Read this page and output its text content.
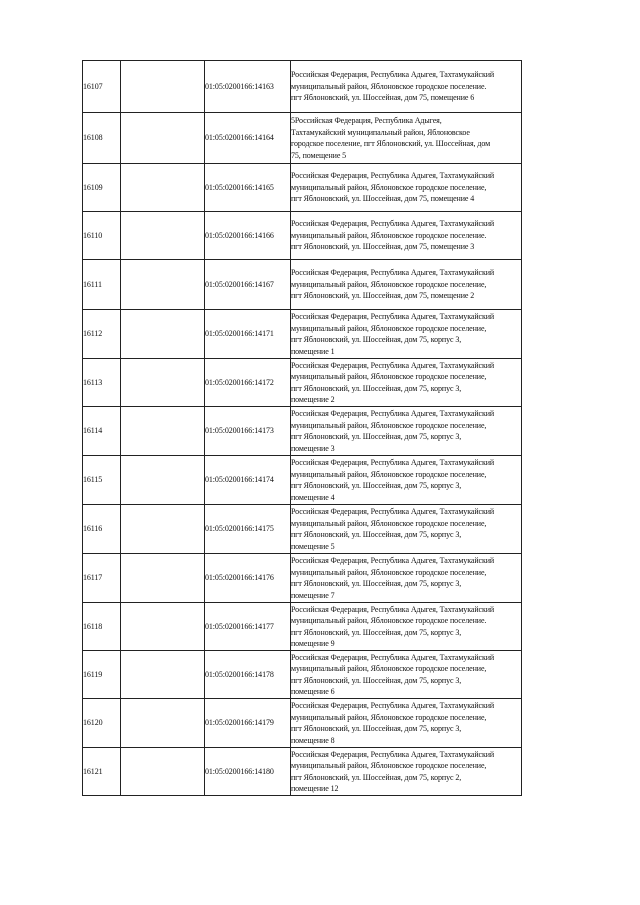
16107		01:05:0200166:14163	Российская Федерация, Республика Адыгея, Тахтамукайский
муниципальный район, Яблоновское городское поселение.
пгт Яблоновский, ул. Шоссейная, дом 75, помещение 6
16108		01:05:0200166:14164	5Российская Федерация, Республика Адыгея,
Тахтамукайский муниципальный район, Яблоновское
городское поселение, пгт Яблоновский, ул. Шоссейная, дом
75, помещение 5
16109		01:05:0200166:14165	Российская Федерация, Республика Адыгея, Тахтамукайский
муниципальный район, Яблоновское городское поселение,
пгт Яблоновский, ул. Шоссейная, дом 75, помещение 4
16110		01:05:0200166:14166	Российская Федерация, Республика Адыгея, Тахтамукайский
муниципальный район, Яблоновское городское поселение.
пгт Яблоновский, ул. Шоссейная, дом 75, помещение 3
16111		01:05:0200166:14167	Российская Федерация, Республика Адыгея, Тахтамукайский
муниципальный район, Яблоновское городское поселение,
пгт Яблоновский, ул. Шоссейная, дом 75, помещение 2
16112		01:05:0200166:14171	Российская Федерация, Республика Адыгея, Тахтамукайский
муниципальный район, Яблоновское городское поселение,
пгт Яблоновский, ул. Шоссейная, дом 75, корпус 3,
помещение 1
16113		01:05:0200166:14172	Российская Федерация, Республика Адыгея, Тахтамукайский
муниципальный район, Яблоновское городское поселение,
пгт Яблоновский, ул. Шоссейная, дом 75, корпус 3,
помещение 2
16114		01:05:0200166:14173	Российская Федерация, Республика Адыгея, Тахтамукайский
муниципальный район, Яблоновское городское поселение,
пгт Яблоновский, ул. Шоссейная, дом 75, корпус 3,
помещение 3
16115		01:05:0200166:14174	Российская Федерация, Республика Адыгея, Тахтамукайский
муниципальный район, Яблоновское городское поселение,
пгт Яблоновский, ул. Шоссейная, дом 75, корпус 3,
помещение 4
16116		01:05:0200166:14175	Российская Федерация, Республика Адыгея, Тахтамукайский
муниципальный район, Яблоновское городское поселение,
пгт Яблоновский, ул. Шоссейная, дом 75, корпус 3,
помещение 5
16117		01:05:0200166:14176	Российская Федерация, Республика Адыгея, Тахтамукайский
муниципальный район, Яблоновское городское поселение,
пгт Яблоновский, ул. Шоссейная, дом 75, корпус 3,
помещение 7
16118		01:05:0200166:14177	Российская Федерация, Республика Адыгея, Тахтамукайский
муниципальный район, Яблоновское городское поселение.
пгт Яблоновский, ул. Шоссейная, дом 75, корпус 3,
помещение 9
16119		01:05:0200166:14178	Российская Федерация, Республика Адыгея, Тахтамукайский
муниципальный район, Яблоновское городское поселение,
пгт Яблоновский, ул. Шоссейная, дом 75, корпус 3,
помещение 6
16120		01:05:0200166:14179	Российская Федерация, Республика Адыгея, Тахтамукайский
муниципальный район, Яблоновское городское поселение,
пгт Яблоновский, ул. Шоссейная, дом 75, корпус 3,
помещение 8
16121		01:05:0200166:14180	Российская Федерация, Республика Адыгея, Тахтамукайский
муниципальный район, Яблоновское городское поселение,
пгт Яблоновский, ул. Шоссейная, дом 75, корпус 2,
помещение 12
